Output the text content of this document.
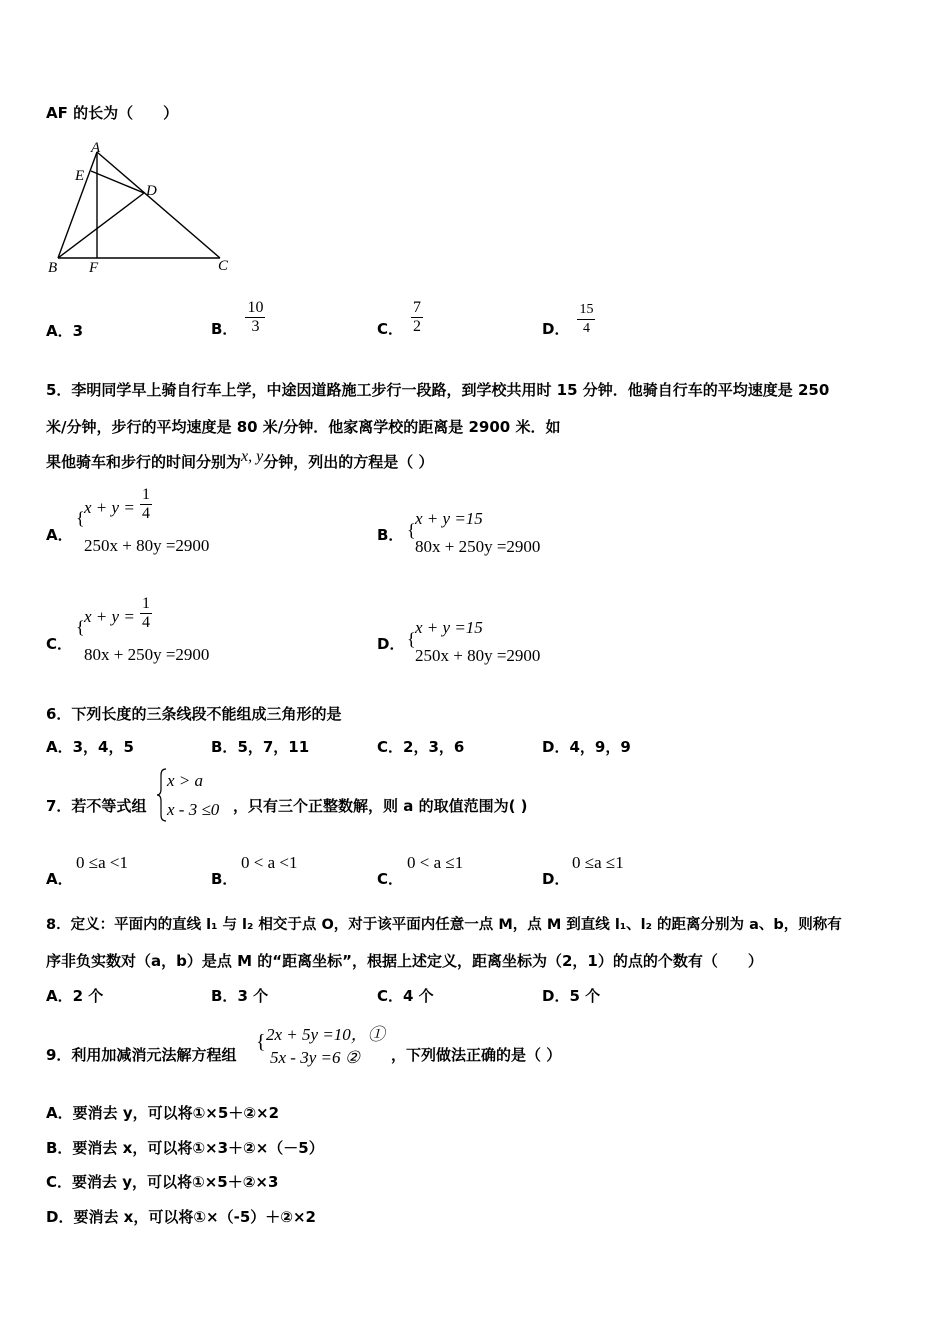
AF 的长为（　　）
A
E
D
B F	C
A．3	B． $\frac{10}{3}$	C． $\frac{7}{2}$	D． $\frac{15}{4}$
5．李明同学早上骑自行车上学，中途因道路施工步行一段路，到学校共用时 15 分钟．他骑自行车的平均速度是 250
米/分钟，步行的平均速度是 80 米/分钟．他家离学校的距离是 2900 米．如
果他骑车和步行的时间分别为x, y分钟，列出的方程是（ ）
A．
{
$x + y = \frac{1}{4}$
250x + 80y =2900
B． {
x + y =15
80x + 250y =2900
C．
{
$x + y = \frac{1}{4}$
80x + 250y =2900
D． {
x + y =15
250x + 80y =2900
6．下列长度的三条线段不能组成三角形的是
A．3，4，5	B．5，7，11	C．2，3，6	D．4，9，9
7．若不等式组
x > a
x - 3 ≤0 ，只有三个正整数解，则 a 的取值范围为( )
A．
0 ≤a <1
B．
0 < a <1
C．
0 < a ≤1
D．
0 ≤a ≤1
8．定义：平面内的直线 l₁ 与 l₂ 相交于点 O，对于该平面内任意一点 M，点 M 到直线 l₁、l₂ 的距离分别为 a、b，则称有
序非负实数对（a，b）是点 M 的“距离坐标”，根据上述定义，距离坐标为（2，1）的点的个数有（　　）
A．2 个	B．3 个	C．4 个	D．5 个
9．利用加减消元法解方程组
{ 2x + 5y =10，①
5x - 3y =6 ② ，下列做法正确的是（ ）
A．要消去 y，可以将①×5＋②×2
B．要消去 x，可以将①×3＋②×（－5）
C．要消去 y，可以将①×5＋②×3
D．要消去 x，可以将①×（-5）＋②×2
